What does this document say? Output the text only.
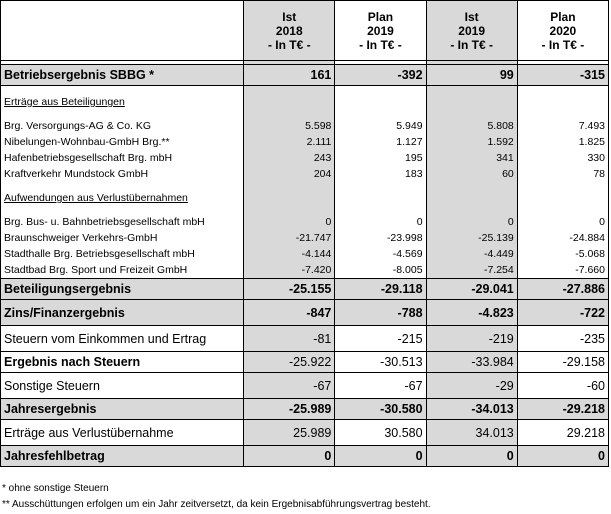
	Ist
2018
- In T€ -	Plan
2019
- In T€ -	Ist
2019
- In T€ -	Plan
2020
- In T€ -

Betriebsergebnis SBBG *	161	-392	99	-315

Erträge aus Beteiligungen				

Brg. Versorgungs-AG & Co. KG	5.598	5.949	5.808	7.493
Nibelungen-Wohnbau-GmbH Brg.**	2.111	1.127	1.592	1.825
Hafenbetriebsgesellschaft Brg. mbH	243	195	341	330
Kraftverkehr Mundstock GmbH	204	183	60	78

Aufwendungen aus Verlustübernahmen				

Brg. Bus- u. Bahnbetriebsgesellschaft mbH	0	0	0	0
Braunschweiger Verkehrs-GmbH	-21.747	-23.998	-25.139	-24.884
Stadthalle Brg. Betriebsgesellschaft mbH	-4.144	-4.569	-4.449	-5.068
Stadtbad Brg. Sport und Freizeit GmbH	-7.420	-8.005	-7.254	-7.660
Beteiligungsergebnis	-25.155	-29.118	-29.041	-27.886
Zins/Finanzergebnis	-847	-788	-4.823	-722
Steuern vom Einkommen und Ertrag	-81	-215	-219	-235
Ergebnis nach Steuern	-25.922	-30.513	-33.984	-29.158
Sonstige Steuern	-67	-67	-29	-60
Jahresergebnis	-25.989	-30.580	-34.013	-29.218
Erträge aus Verlustübernahme	25.989	30.580	34.013	29.218
Jahresfehlbetrag	0	0	0	0
* ohne sonstige Steuern
** Ausschüttungen erfolgen um ein Jahr zeitversetzt, da kein Ergebnisabführungsvertrag besteht.
